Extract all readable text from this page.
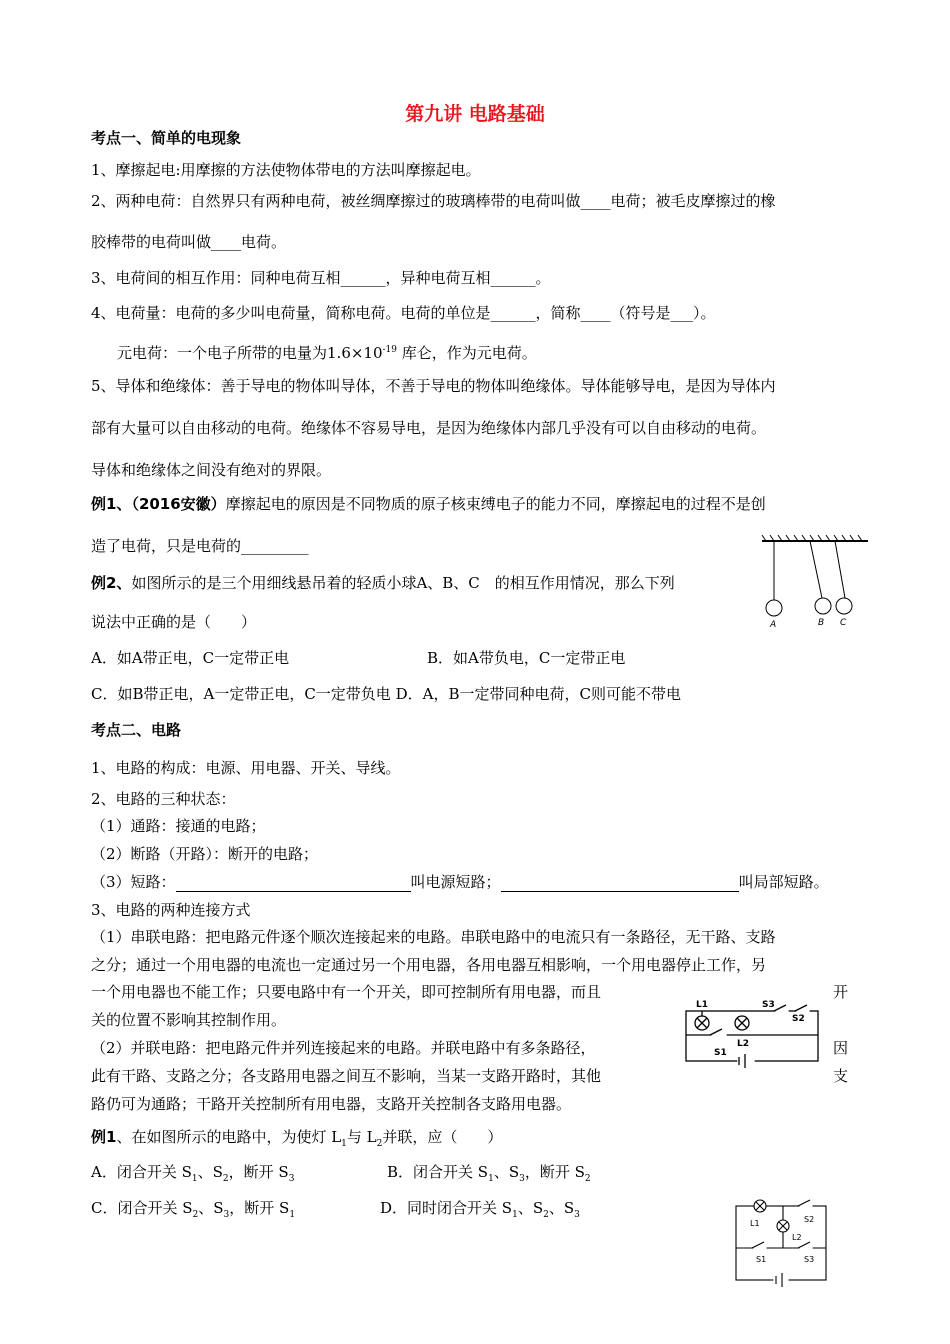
第九讲 电路基础
考点一、简单的电现象
1、摩擦起电:用摩擦的方法使物体带电的方法叫摩擦起电。
2、两种电荷：自然界只有两种电荷，被丝绸摩擦过的玻璃棒带的电荷叫做____电荷；被毛皮摩擦过的橡
胶棒带的电荷叫做____电荷。
3、电荷间的相互作用：同种电荷互相______，异种电荷互相______。
4、电荷量：电荷的多少叫电荷量，简称电荷。电荷的单位是______，简称____（符号是___）。
元电荷：一个电子所带的电量为$1.6\times 10^{-19}$ 库仑，作为元电荷。
5、导体和绝缘体：善于导电的物体叫导体，不善于导电的物体叫绝缘体。导体能够导电，是因为导体内
部有大量可以自由移动的电荷。绝缘体不容易导电，是因为绝缘体内部几乎没有可以自由移动的电荷。
导体和绝缘体之间没有绝对的界限。
例1、（2016安徽）摩擦起电的原因是不同物质的原子核束缚电子的能力不同，摩擦起电的过程不是创
造了电荷，只是电荷的_________
例2、如图所示的是三个用细线悬吊着的轻质小球A、B、C　的相互作用情况，那么下列
说法中正确的是（　　）
A．如A带正电，C一定带正电	B．如A带负电，C一定带正电
C．如B带正电，A一定带正电，C一定带负电 D．A，B一定带同种电荷，C则可能不带电
A	B C
考点二、电路
1、电路的构成：电源、用电器、开关、导线。
2、电路的三种状态：
（1）通路：接通的电路；
（2）断路（开路）：断开的电路；
（3）短路：	叫电源短路；	叫局部短路。
3、电路的两种连接方式
（1）串联电路：把电路元件逐个顺次连接起来的电路。串联电路中的电流只有一条路径，无干路、支路
之分；通过一个用电器的电流也一定通过另一个用电器，各用电器互相影响，一个用电器停止工作，另
一个用电器也不能工作；只要电路中有一个开关，即可控制所有用电器，而且	开
关的位置不影响其控制作用。
（2）并联电路：把电路元件并列连接起来的电路。并联电路中有多条路径，	因
此有干路、支路之分；各支路用电器之间互不影响，当某一支路开路时，其他	支
路仍可为通路；干路开关控制所有用电器，支路开关控制各支路用电器。
L1
L2
S3
S2
S1
例1、在如图所示的电路中，为使灯 $L_1$与 $L_2$并联，应（　　）
A．闭合开关 $S_1$、$S_2$，断开 $S_3$	B．闭合开关 $S_1$、$S_3$，断开 $S_2$
C．闭合开关 $S_2$、$S_3$，断开 $S_1$	D．同时闭合开关 $S_1$、$S_2$、$S_3$
L1
L2
S2
S1	S3
